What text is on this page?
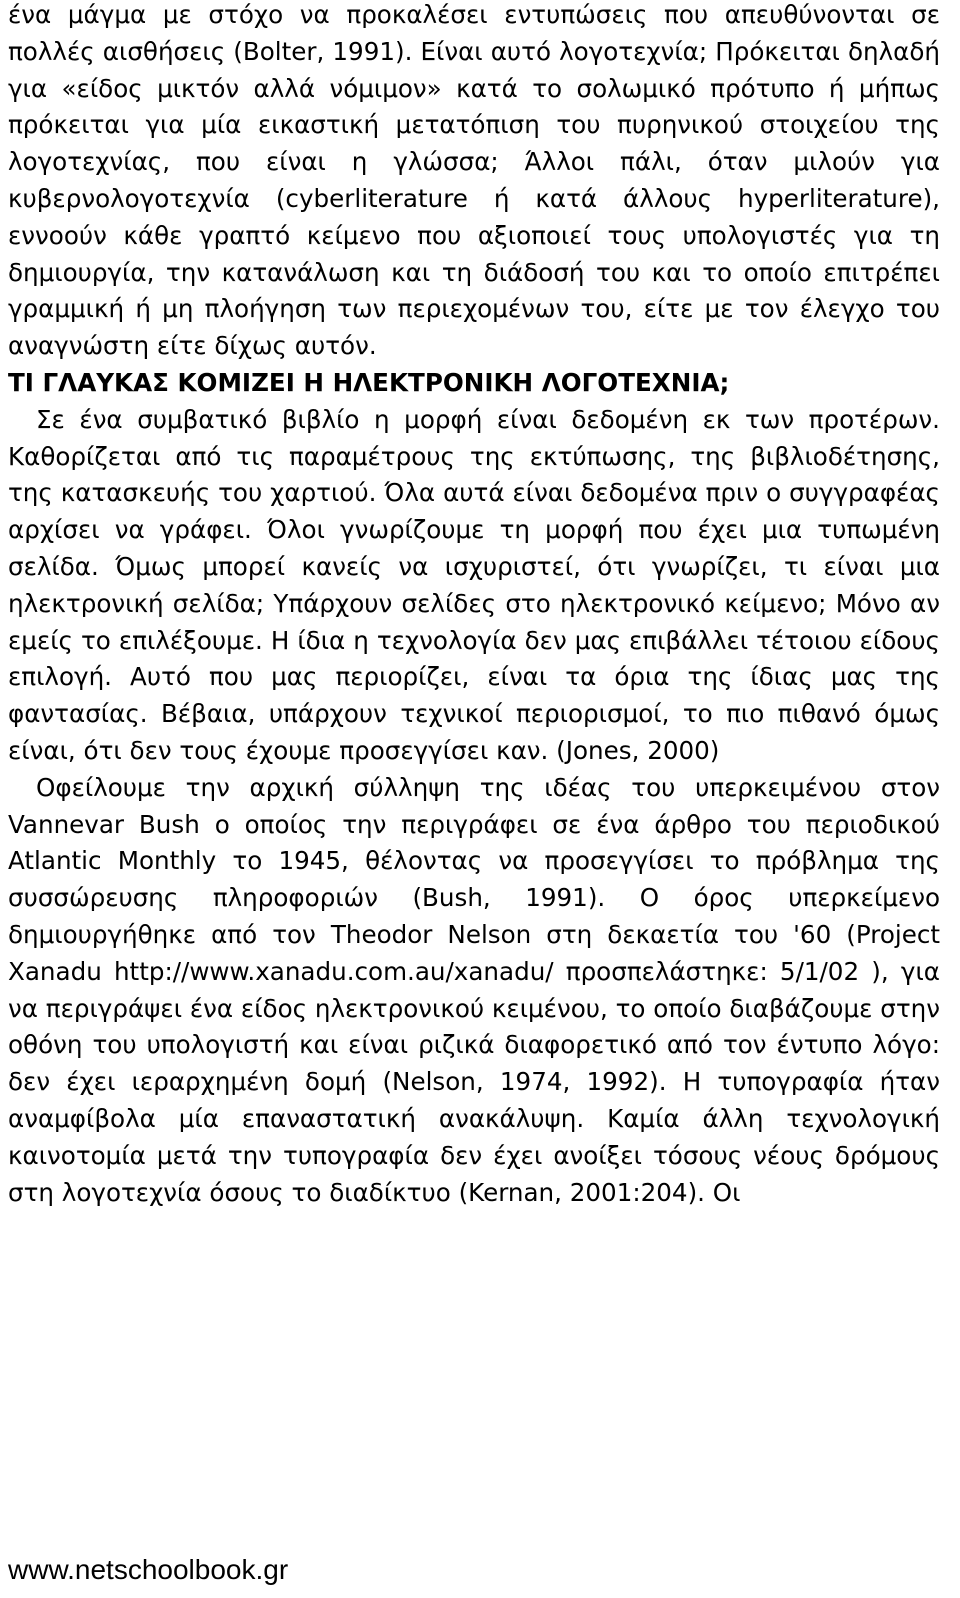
ένα μάγμα με στόχο να προκαλέσει εντυπώσεις που απευθύνονται σε πολλές αισθήσεις (Bolter, 1991). Είναι αυτό λογοτεχνία; Πρόκειται δηλαδή για «είδος μικτόν αλλά νόμιμον» κατά το σολωμικό πρότυπο ή μήπως πρόκειται για μία εικαστική μετατόπιση του πυρηνικού στοιχείου της λογοτεχνίας, που είναι η γλώσσα; Άλλοι πάλι, όταν μιλούν για κυβερνολογοτεχνία (cyberliterature ή κατά άλλους hyperliterature), εννοούν κάθε γραπτό κείμενο που αξιοποιεί τους υπολογιστές για τη δημιουργία, την κατανάλωση και τη διάδοσή του και το οποίο επιτρέπει γραμμική ή μη πλοήγηση των περιεχομένων του, είτε με τον έλεγχο του αναγνώστη είτε δίχως αυτόν.

ΤΙ ΓΛΑΥΚΑΣ ΚΟΜΙΖΕΙ Η ΗΛΕΚΤΡΟΝΙΚΗ ΛΟΓΟΤΕΧΝΙΑ;

Σε ένα συμβατικό βιβλίο η μορφή είναι δεδομένη εκ των προτέρων. Καθορίζεται από τις παραμέτρους της εκτύπωσης, της βιβλιοδέτησης, της κατασκευής του χαρτιού. Όλα αυτά είναι δεδομένα πριν ο συγγραφέας αρχίσει να γράφει. Όλοι γνωρίζουμε τη μορφή που έχει μια τυπωμένη σελίδα. Όμως μπορεί κανείς να ισχυριστεί, ότι γνωρίζει, τι είναι μια ηλεκτρονική σελίδα; Υπάρχουν σελίδες στο ηλεκτρονικό κείμενο; Μόνο αν εμείς το επιλέξουμε. Η ίδια η τεχνολογία δεν μας επιβάλλει τέτοιου είδους επιλογή. Αυτό που μας περιορίζει, είναι τα όρια της ίδιας μας της φαντασίας. Βέβαια, υπάρχουν τεχνικοί περιορισμοί, το πιο πιθανό όμως είναι, ότι δεν τους έχουμε προσεγγίσει καν. (Jones, 2000)

Οφείλουμε την αρχική σύλληψη της ιδέας του υπερκειμένου στον Vannevar Bush ο οποίος την περιγράφει σε ένα άρθρο του περιοδικού Atlantic Monthly το 1945, θέλοντας να προσεγγίσει το πρόβλημα της συσσώρευσης πληροφοριών (Bush, 1991). Ο όρος υπερκείμενο δημιουργήθηκε από τον Theodor Nelson στη δεκαετία του '60 (Project Xanadu http://www.xanadu.com.au/xanadu/ προσπελάστηκε: 5/1/02 ), για να περιγράψει ένα είδος ηλεκτρονικού κειμένου, το οποίο διαβάζουμε στην οθόνη του υπολογιστή και είναι ριζικά διαφορετικό από τον έντυπο λόγο: δεν έχει ιεραρχημένη δομή (Nelson, 1974, 1992). Η τυπογραφία ήταν αναμφίβολα μία επαναστατική ανακάλυψη. Καμία άλλη τεχνολογική καινοτομία μετά την τυπογραφία δεν έχει ανοίξει τόσους νέους δρόμους στη λογοτεχνία όσους το διαδίκτυο (Kernan, 2001:204). Οι

www.netschoolbook.gr
